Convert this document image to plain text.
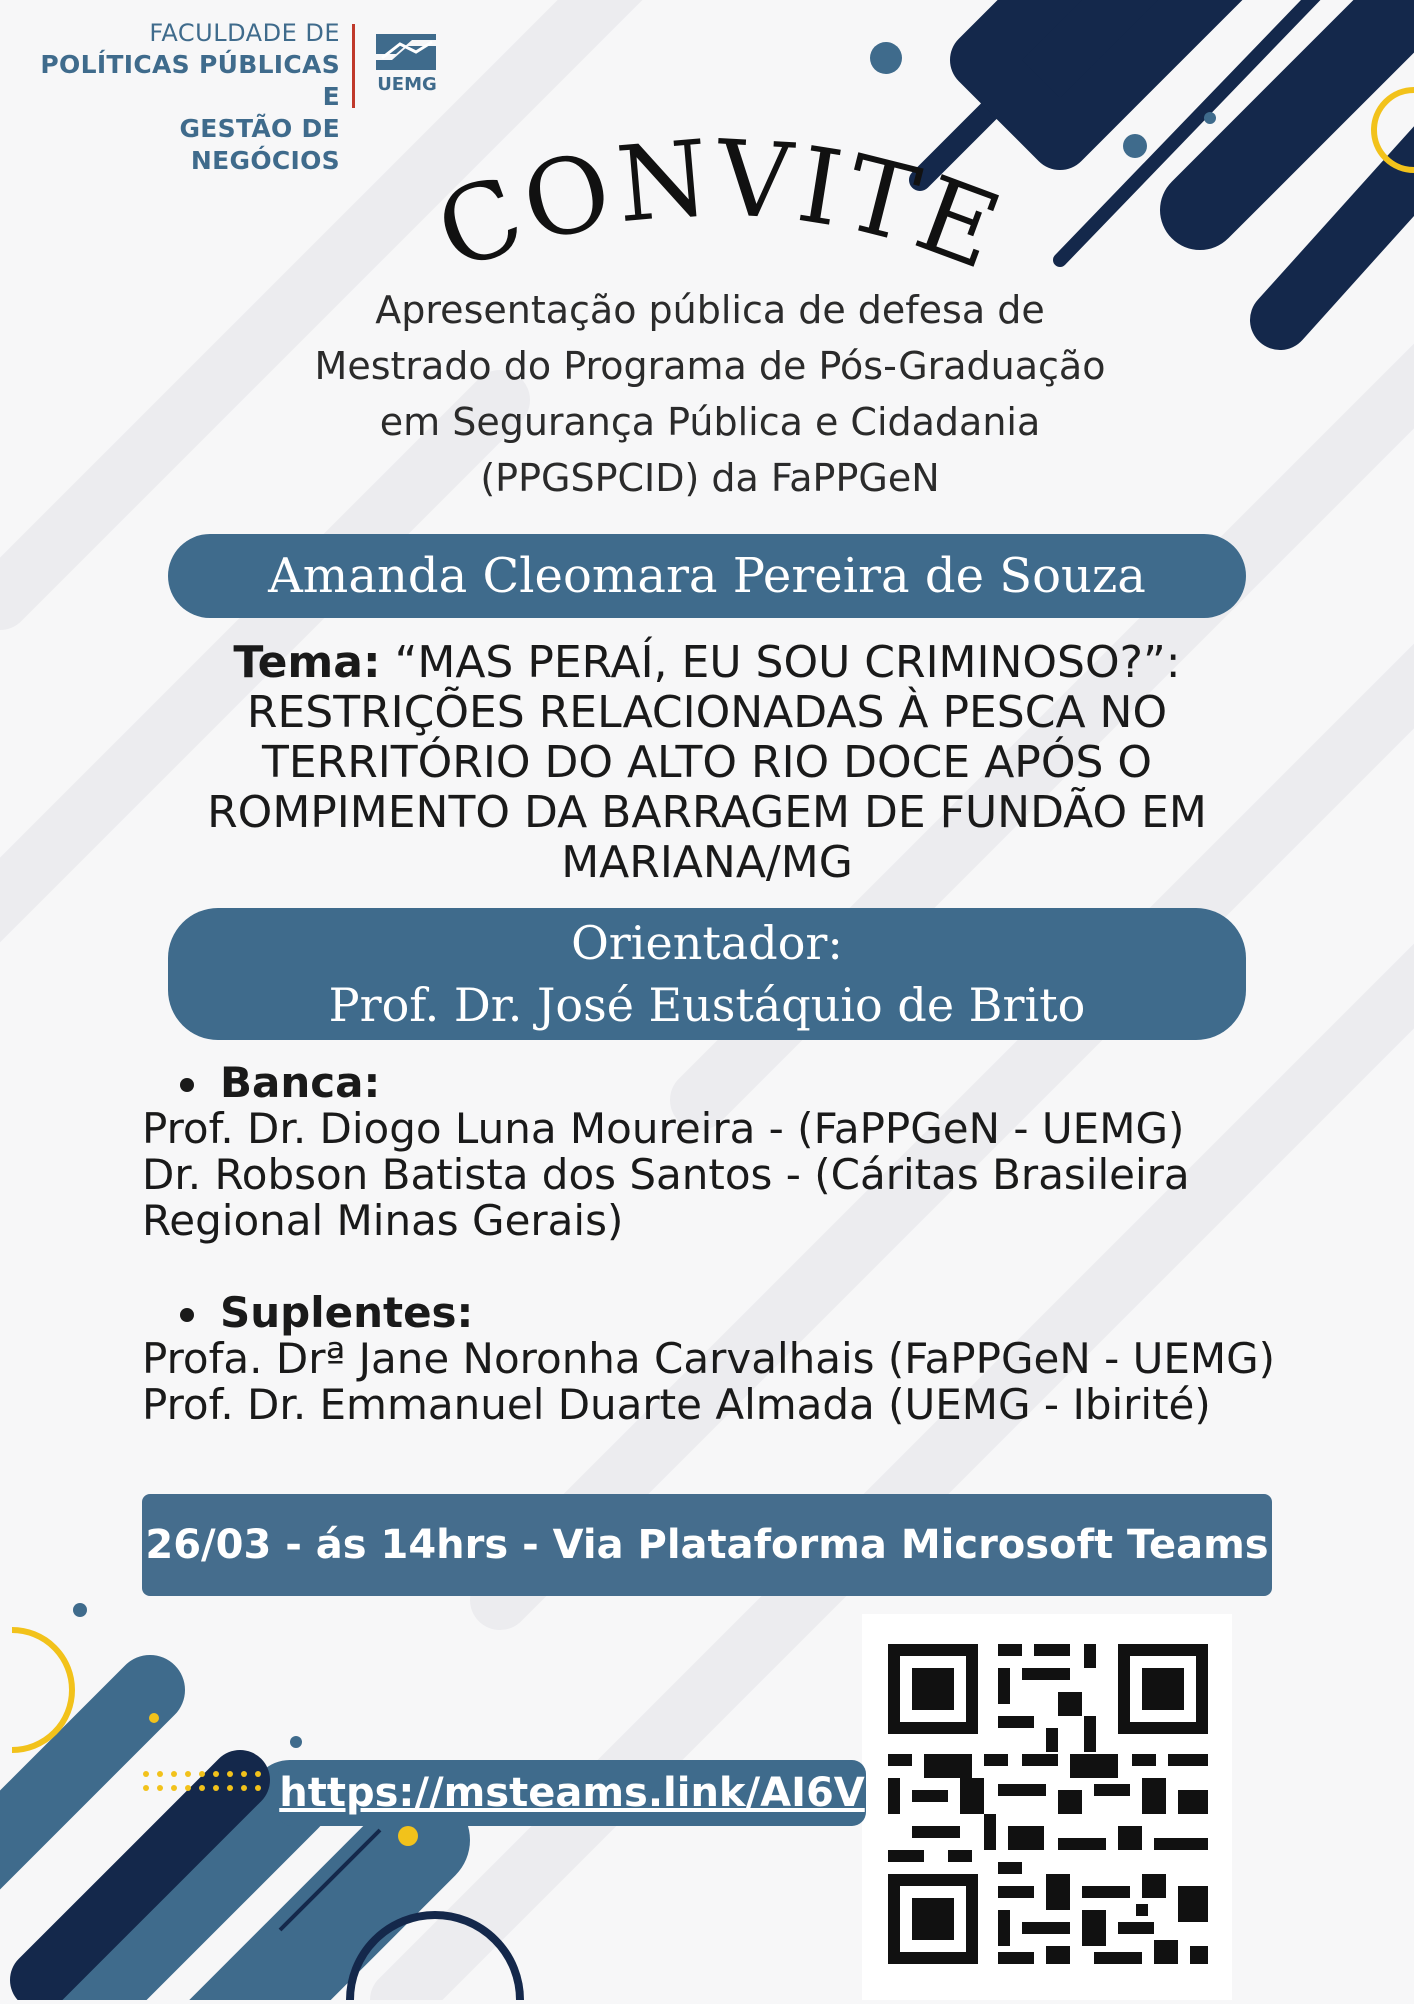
FACULDADE DE
POLÍTICAS PÚBLICAS E
GESTÃO DE NEGÓCIOS
UEMG
CONVITE
Apresentação pública de defesa de
Mestrado do Programa de Pós-Graduação
em Segurança Pública e Cidadania
(PPGSPCID) da FaPPGeN
Amanda Cleomara Pereira de Souza
Tema: “MAS PERAÍ, EU SOU CRIMINOSO?”: RESTRIÇÕES RELACIONADAS À PESCA NO TERRITÓRIO DO ALTO RIO DOCE APÓS O ROMPIMENTO DA BARRAGEM DE FUNDÃO EM MARIANA/MG
Orientador:
Prof. Dr. José Eustáquio de Brito
Banca:
Prof. Dr. Diogo Luna Moureira - (FaPPGeN - UEMG)
Dr. Robson Batista dos Santos - (Cáritas Brasileira Regional Minas Gerais)
Suplentes:
Profa. Drª Jane Noronha Carvalhais (FaPPGeN - UEMG)
Prof. Dr. Emmanuel Duarte Almada (UEMG - Ibirité)
26/03 - ás 14hrs - Via Plataforma Microsoft Teams
https://msteams.link/AI6V
